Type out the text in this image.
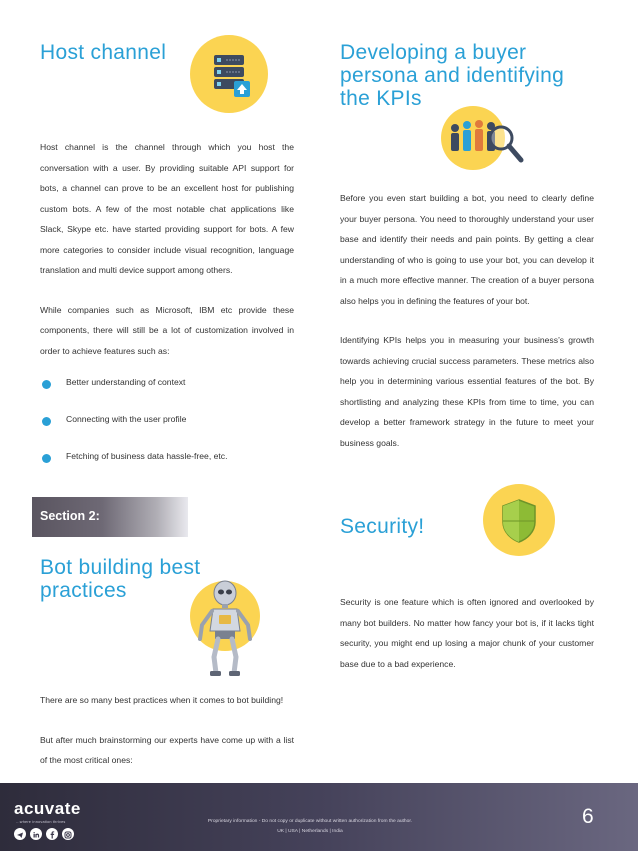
Host channel

Host channel is the channel through which you host the conversation with a user. By providing suitable API support for bots, a channel can prove to be an excellent host for publishing custom bots. A few of the most notable chat applications like Slack, Skype etc. have started providing support for bots. A few more categories to consider include visual recognition, language translation and multi device support among others.

While companies such as Microsoft, IBM etc provide these components, there will still be a lot of customization involved in order to achieve features such as:

Better understanding of context
Connecting with the user profile
Fetching of business data hassle-free, etc.
Section 2:
Bot building best practices

There are so many best practices when it comes to bot building!

But after much brainstorming our experts have come up with a list of the most critical ones:

Developing a buyer persona and identifying the KPIs

Before you even start building a bot, you need to clearly define your buyer persona. You need to thoroughly understand your user base and identify their needs and pain points. By getting a clear understanding of who is going to use your bot, you can develop it in a much more effective manner. The creation of a buyer persona also helps you in defining the features of your bot.

Identifying KPIs helps you in measuring your business’s growth towards achieving crucial success parameters. These metrics also help you in determining various essential features of the bot. By shortlisting and analyzing these KPIs from time to time, you can develop a better framework strategy in the future to meet your business goals.

Security!

Security is one feature which is often ignored and overlooked by many bot builders. No matter how fancy your bot is, if it lacks tight security, you might end up losing a major chunk of your customer base due to a bad experience.

acuvate
...where innovation thrives	Proprietary information - Do not copy or duplicate without written authorization from the author.
UK | USA | Netherlands | India
6
